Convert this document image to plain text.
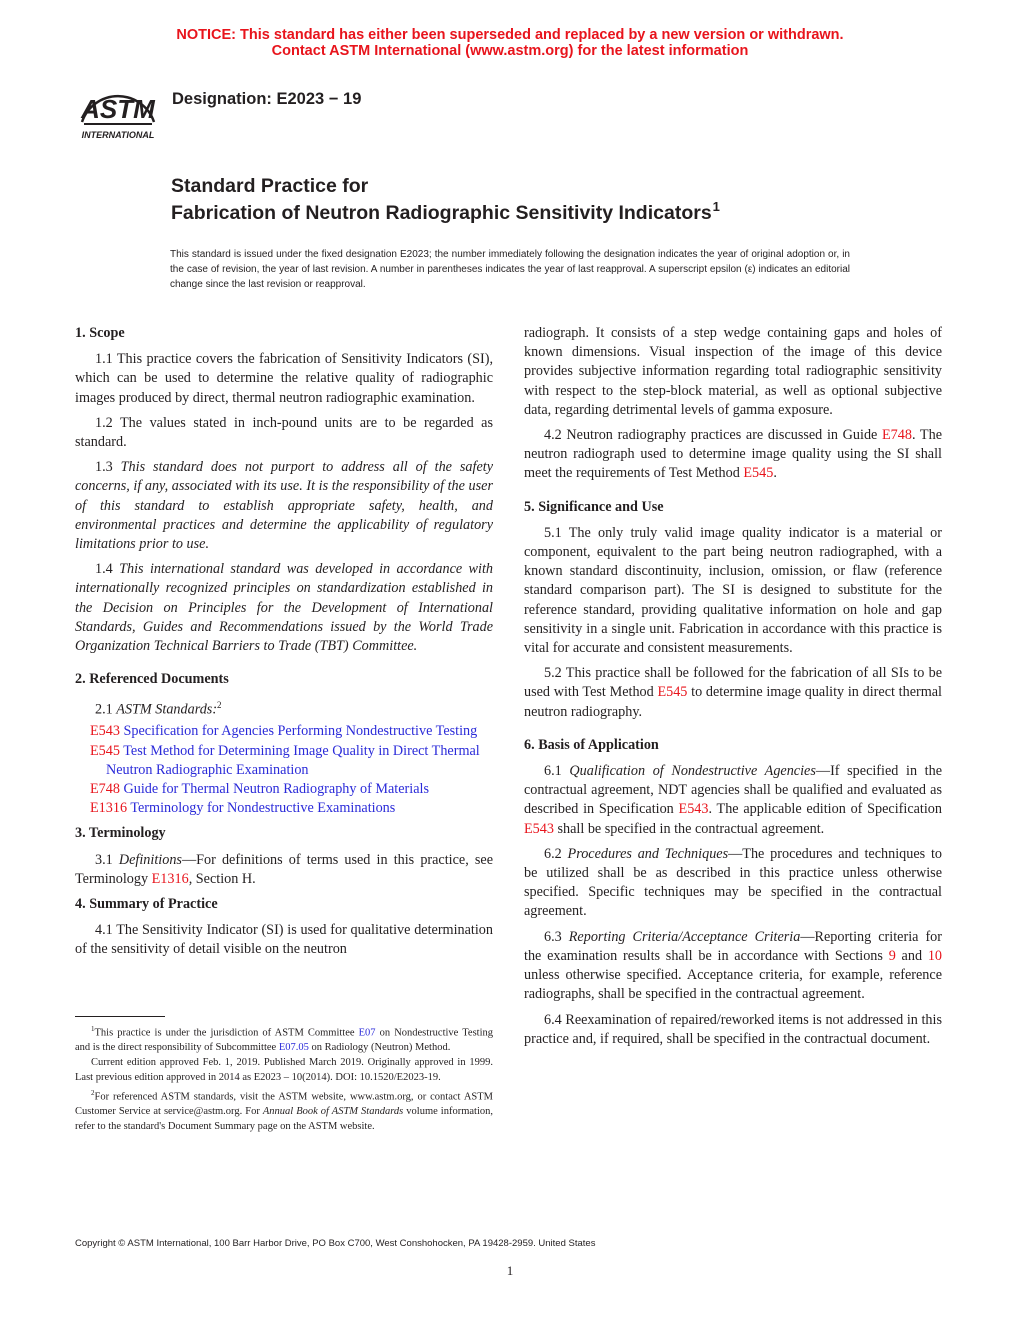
NOTICE: This standard has either been superseded and replaced by a new version or withdrawn.
Contact ASTM International (www.astm.org) for the latest information
ASTM
INTERNATIONAL
Designation: E2023 − 19
Standard Practice for
Fabrication of Neutron Radiographic Sensitivity Indicators$^1$
This standard is issued under the fixed designation E2023; the number immediately following the designation indicates the year of original adoption or, in the case of revision, the year of last revision. A number in parentheses indicates the year of last reapproval. A superscript epsilon (ε) indicates an editorial change since the last revision or reapproval.
1. Scope

1.1 This practice covers the fabrication of Sensitivity Indicators (SI), which can be used to determine the relative quality of radiographic images produced by direct, thermal neutron radiographic examination.

1.2 The values stated in inch-pound units are to be regarded as standard.

1.3 This standard does not purport to address all of the safety concerns, if any, associated with its use. It is the responsibility of the user of this standard to establish appropriate safety, health, and environmental practices and determine the applicability of regulatory limitations prior to use.

1.4 This international standard was developed in accordance with internationally recognized principles on standardization established in the Decision on Principles for the Development of International Standards, Guides and Recommendations issued by the World Trade Organization Technical Barriers to Trade (TBT) Committee.

2. Referenced Documents

2.1 ASTM Standards:$^2$

E543 Specification for Agencies Performing Nondestructive Testing
E545 Test Method for Determining Image Quality in Direct Thermal Neutron Radiographic Examination
E748 Guide for Thermal Neutron Radiography of Materials
E1316 Terminology for Nondestructive Examinations
3. Terminology

3.1 Definitions—For definitions of terms used in this practice, see Terminology E1316, Section H.

4. Summary of Practice

4.1 The Sensitivity Indicator (SI) is used for qualitative determination of the sensitivity of detail visible on the neutron

radiograph. It consists of a step wedge containing gaps and holes of known dimensions. Visual inspection of the image of this device provides subjective information regarding total radiographic sensitivity with respect to the step-block material, as well as optional subjective data, regarding detrimental levels of gamma exposure.

4.2 Neutron radiography practices are discussed in Guide E748. The neutron radiograph used to determine image quality using the SI shall meet the requirements of Test Method E545.

5. Significance and Use

5.1 The only truly valid image quality indicator is a material or component, equivalent to the part being neutron radiographed, with a known standard discontinuity, inclusion, omission, or flaw (reference standard comparison part). The SI is designed to substitute for the reference standard, providing qualitative information on hole and gap sensitivity in a single unit. Fabrication in accordance with this practice is vital for accurate and consistent measurements.

5.2 This practice shall be followed for the fabrication of all SIs to be used with Test Method E545 to determine image quality in direct thermal neutron radiography.

6. Basis of Application

6.1 Qualification of Nondestructive Agencies—If specified in the contractual agreement, NDT agencies shall be qualified and evaluated as described in Specification E543. The applicable edition of Specification E543 shall be specified in the contractual agreement.

6.2 Procedures and Techniques—The procedures and techniques to be utilized shall be as described in this practice unless otherwise specified. Specific techniques may be specified in the contractual agreement.

6.3 Reporting Criteria/Acceptance Criteria—Reporting criteria for the examination results shall be in accordance with Sections 9 and 10 unless otherwise specified. Acceptance criteria, for example, reference radiographs, shall be specified in the contractual agreement.

6.4 Reexamination of repaired/reworked items is not addressed in this practice and, if required, shall be specified in the contractual document.

$^1$This practice is under the jurisdiction of ASTM Committee E07 on Nondestructive Testing and is the direct responsibility of Subcommittee E07.05 on Radiology (Neutron) Method.

Current edition approved Feb. 1, 2019. Published March 2019. Originally approved in 1999. Last previous edition approved in 2014 as E2023 – 10(2014). DOI: 10.1520/E2023-19.

$^2$For referenced ASTM standards, visit the ASTM website, www.astm.org, or contact ASTM Customer Service at service@astm.org. For Annual Book of ASTM Standards volume information, refer to the standard's Document Summary page on the ASTM website.

Copyright © ASTM International, 100 Barr Harbor Drive, PO Box C700, West Conshohocken, PA 19428-2959. United States
1
